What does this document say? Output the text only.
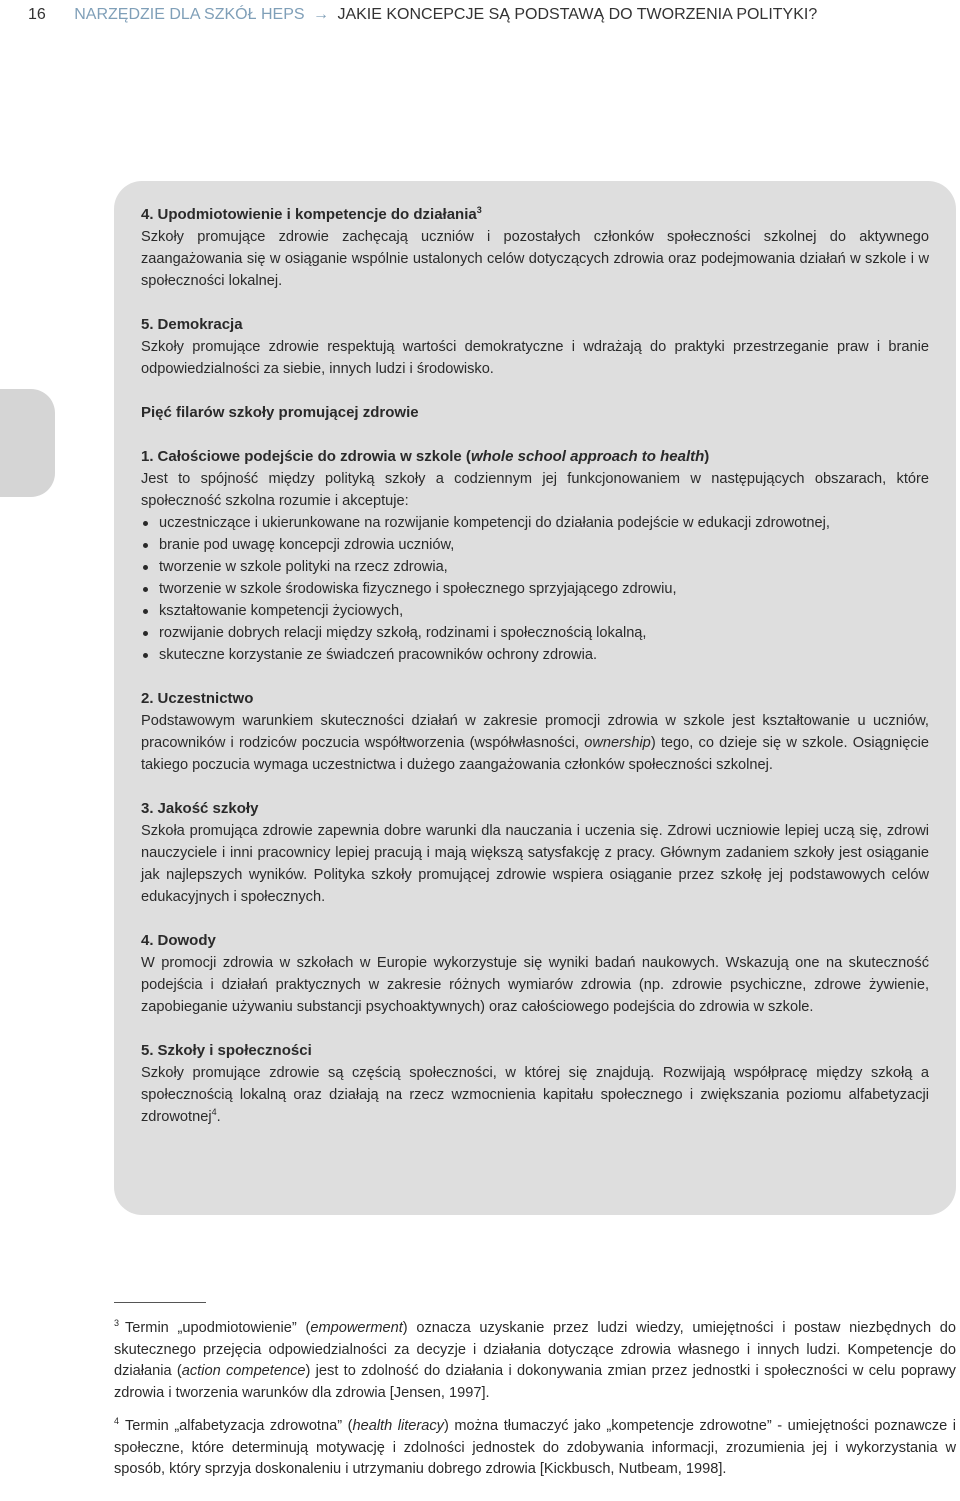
16 NARZĘDZIE DLA SZKÓŁ HEPS → JAKIE KONCEPCJE SĄ PODSTAWĄ DO TWORZENIA POLITYKI?
4. Upodmiotowienie i kompetencje do działania$^3$

Szkoły promujące zdrowie zachęcają uczniów i pozostałych członków społeczności szkolnej do aktywnego zaangażowania się w osiąganie wspólnie ustalonych celów dotyczących zdrowia oraz podejmowania działań w szkole i w społeczności lokalnej.

5. Demokracja

Szkoły promujące zdrowie respektują wartości demokratyczne i wdrażają do praktyki przestrzeganie praw i branie odpowiedzialności za siebie, innych ludzi i środowisko.

Pięć filarów szkoły promującej zdrowie
1. Całościowe podejście do zdrowia w szkole (whole school approach to health)

Jest to spójność między polityką szkoły a codziennym jej funkcjonowaniem w następujących obszarach, które społeczność szkolna rozumie i akceptuje:

uczestniczące i ukierunkowane na rozwijanie kompetencji do działania podejście w edukacji zdrowotnej,
branie pod uwagę koncepcji zdrowia uczniów,
tworzenie w szkole polityki na rzecz zdrowia,
tworzenie w szkole środowiska fizycznego i społecznego sprzyjającego zdrowiu,
kształtowanie kompetencji życiowych,
rozwijanie dobrych relacji między szkołą, rodzinami i społecznością lokalną,
skuteczne korzystanie ze świadczeń pracowników ochrony zdrowia.
2. Uczestnictwo

Podstawowym warunkiem skuteczności działań w zakresie promocji zdrowia w szkole jest kształtowanie u uczniów, pracowników i rodziców poczucia współtworzenia (współwłasności, ownership) tego, co dzieje się w szkole. Osiągnięcie takiego poczucia wymaga uczestnictwa i dużego zaangażowania członków społeczności szkolnej.

3. Jakość szkoły

Szkoła promująca zdrowie zapewnia dobre warunki dla nauczania i uczenia się. Zdrowi uczniowie lepiej uczą się, zdrowi nauczyciele i inni pracownicy lepiej pracują i mają większą satysfakcję z pracy. Głównym zadaniem szkoły jest osiąganie jak najlepszych wyników. Polityka szkoły promującej zdrowie wspiera osiąganie przez szkołę jej podstawowych celów edukacyjnych i społecznych.

4. Dowody

W promocji zdrowia w szkołach w Europie wykorzystuje się wyniki badań naukowych. Wskazują one na skuteczność podejścia i działań praktycznych w zakresie różnych wymiarów zdrowia (np. zdrowie psychiczne, zdrowe żywienie, zapobieganie używaniu substancji psychoaktywnych) oraz całościowego podejścia do zdrowia w szkole.

5. Szkoły i społeczności

Szkoły promujące zdrowie są częścią społeczności, w której się znajdują. Rozwijają współpracę między szkołą a społecznością lokalną oraz działają na rzecz wzmocnienia kapitału społecznego i zwiększania poziomu alfabetyzacji zdrowotnej$^4$.

$^3$ Termin „upodmiotowienie” (empowerment) oznacza uzyskanie przez ludzi wiedzy, umiejętności i postaw niezbędnych do skutecznego przejęcia odpowiedzialności za decyzje i działania dotyczące zdrowia własnego i innych ludzi. Kompetencje do działania (action competence) jest to zdolność do działania i dokonywania zmian przez jednostki i społeczności w celu poprawy zdrowia i tworzenia warunków dla zdrowia [Jensen, 1997].

$^4$ Termin „alfabetyzacja zdrowotna” (health literacy) można tłumaczyć jako „kompetencje zdrowotne” - umiejętności poznawcze i społeczne, które determinują motywację i zdolności jednostek do zdobywania informacji, zrozumienia jej i wykorzystania w sposób, który sprzyja doskonaleniu i utrzymaniu dobrego zdrowia [Kickbusch, Nutbeam, 1998].
